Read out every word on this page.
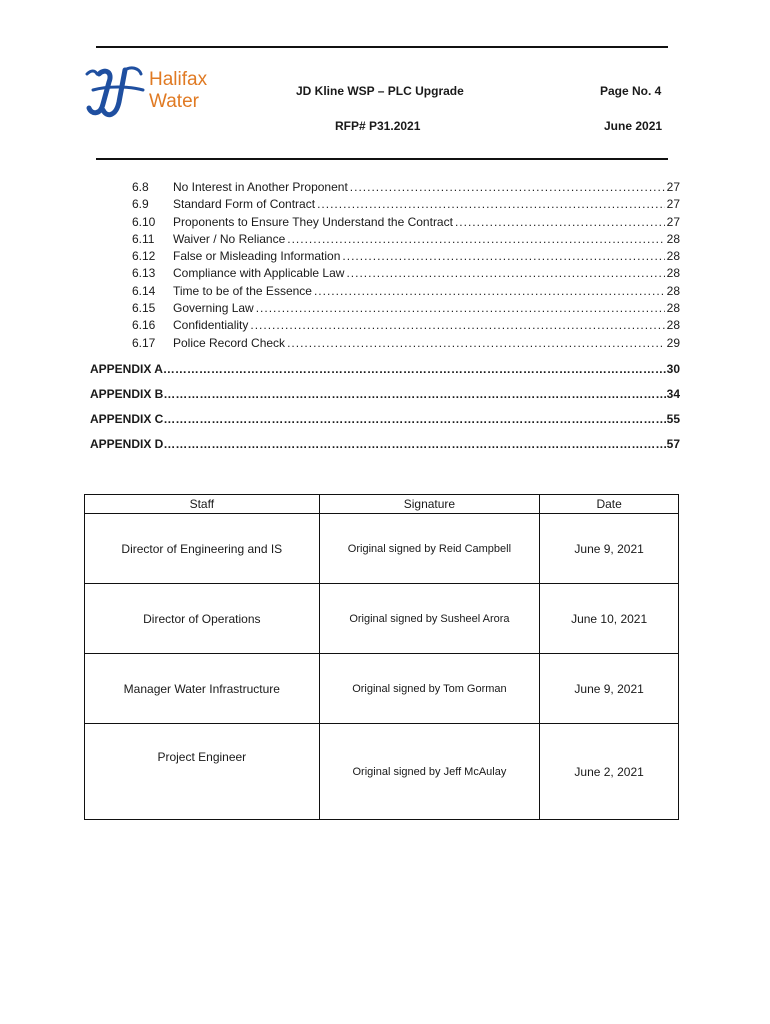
Halifax
Water	JD Kline WSP – PLC Upgrade
RFP# P31.2021
Page No. 4
June 2021
6.8	No Interest in Another Proponent .....	27
6.9	Standard Form of Contract .....	27
6.10	Proponents to Ensure They Understand the Contract .....	27
6.11	Waiver / No Reliance .....	28
6.12	False or Misleading Information .....	28
6.13	Compliance with Applicable Law .....	28
6.14	Time to be of the Essence .....	28
6.15	Governing Law .....	28
6.16	Confidentiality .....	28
6.17	Police Record Check .....	29
APPENDIX A ……………………………………………………………………………………………………………………………………………………………………………………	30
APPENDIX B ……………………………………………………………………………………………………………………………………………………………………………………	34
APPENDIX C ……………………………………………………………………………………………………………………………………………………………………………………	55
APPENDIX D ……………………………………………………………………………………………………………………………………………………………………………………	57
Staff	Signature	Date
Director of Engineering and IS	Original signed by Reid Campbell	June 9, 2021
Director of Operations	Original signed by Susheel Arora	June 10, 2021
Manager Water Infrastructure	Original signed by Tom Gorman	June 9, 2021
Project Engineer	Original signed by Jeff McAulay	June 2, 2021
